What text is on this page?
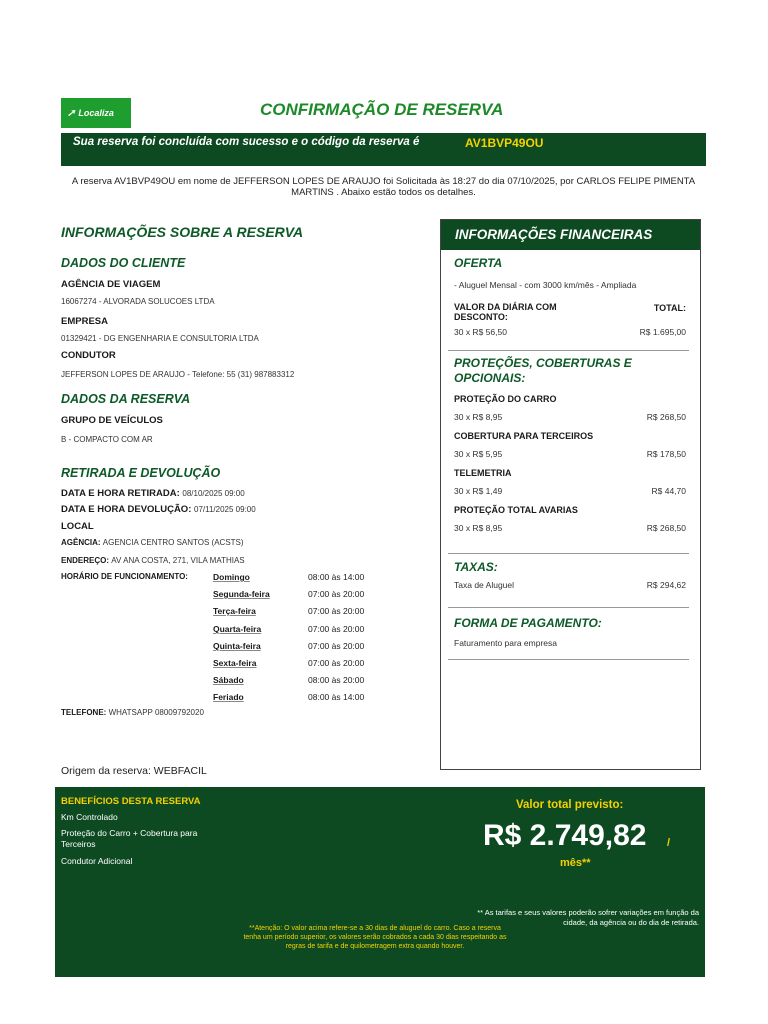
➚ Localiza	CONFIRMAÇÃO DE RESERVA
Sua reserva foi concluída com sucesso e o código da reserva é	AV1BVP49OU
A reserva AV1BVP49OU em nome de JEFFERSON LOPES DE ARAUJO foi Solicitada às 18:27 do dia 07/10/2025, por CARLOS FELIPE PIMENTA MARTINS . Abaixo estão todos os detalhes.
INFORMAÇÕES SOBRE A RESERVA
DADOS DO CLIENTE
AGÊNCIA DE VIAGEM
16067274 - ALVORADA SOLUCOES LTDA
EMPRESA
01329421 - DG ENGENHARIA E CONSULTORIA LTDA
CONDUTOR
JEFFERSON LOPES DE ARAUJO - Telefone: 55 (31) 987883312
DADOS DA RESERVA
GRUPO DE VEÍCULOS
B - COMPACTO COM AR
RETIRADA E DEVOLUÇÃO
DATA E HORA RETIRADA: 08/10/2025 09:00
DATA E HORA DEVOLUÇÃO: 07/11/2025 09:00
LOCAL
AGÊNCIA: AGENCIA CENTRO SANTOS (ACSTS)
ENDEREÇO: AV ANA COSTA, 271, VILA MATHIAS
HORÁRIO DE FUNCIONAMENTO:	Domingo	08:00 às 14:00
Segunda-feira	07:00 às 20:00
Terça-feira	07:00 às 20:00
Quarta-feira	07:00 às 20:00
Quinta-feira	07:00 às 20:00
Sexta-feira	07:00 às 20:00
Sábado	08:00 às 20:00
Feriado	08:00 às 14:00
TELEFONE: WHATSAPP 08009792020
INFORMAÇÕES FINANCEIRAS
OFERTA
- Aluguel Mensal - com 3000 km/mês - Ampliada
VALOR DA DIÁRIA COM DESCONTO:
TOTAL:
30 x R$ 56,50	R$ 1.695,00
PROTEÇÕES, COBERTURAS E OPCIONAIS:
PROTEÇÃO DO CARRO
30 x R$ 8,95	R$ 268,50
COBERTURA PARA TERCEIROS
30 x R$ 5,95	R$ 178,50
TELEMETRIA
30 x R$ 1,49	R$ 44,70
PROTEÇÃO TOTAL AVARIAS
30 x R$ 8,95	R$ 268,50
TAXAS:
Taxa de Aluguel	R$ 294,62
FORMA DE PAGAMENTO:
Faturamento para empresa
Origem da reserva: WEBFACIL
BENEFÍCIOS DESTA RESERVA
Km Controlado
Proteção do Carro + Cobertura para Terceiros
Condutor Adicional
Valor total previsto:
R$ 2.749,82 /
mês**
** As tarifas e seus valores poderão sofrer variações em função da cidade, da agência ou do dia de retirada.
**Atenção: O valor acima refere-se a 30 dias de aluguel do carro. Caso a reserva tenha um período superior, os valores serão cobrados a cada 30 dias respeitando as regras de tarifa e de quilometragem extra quando houver.
